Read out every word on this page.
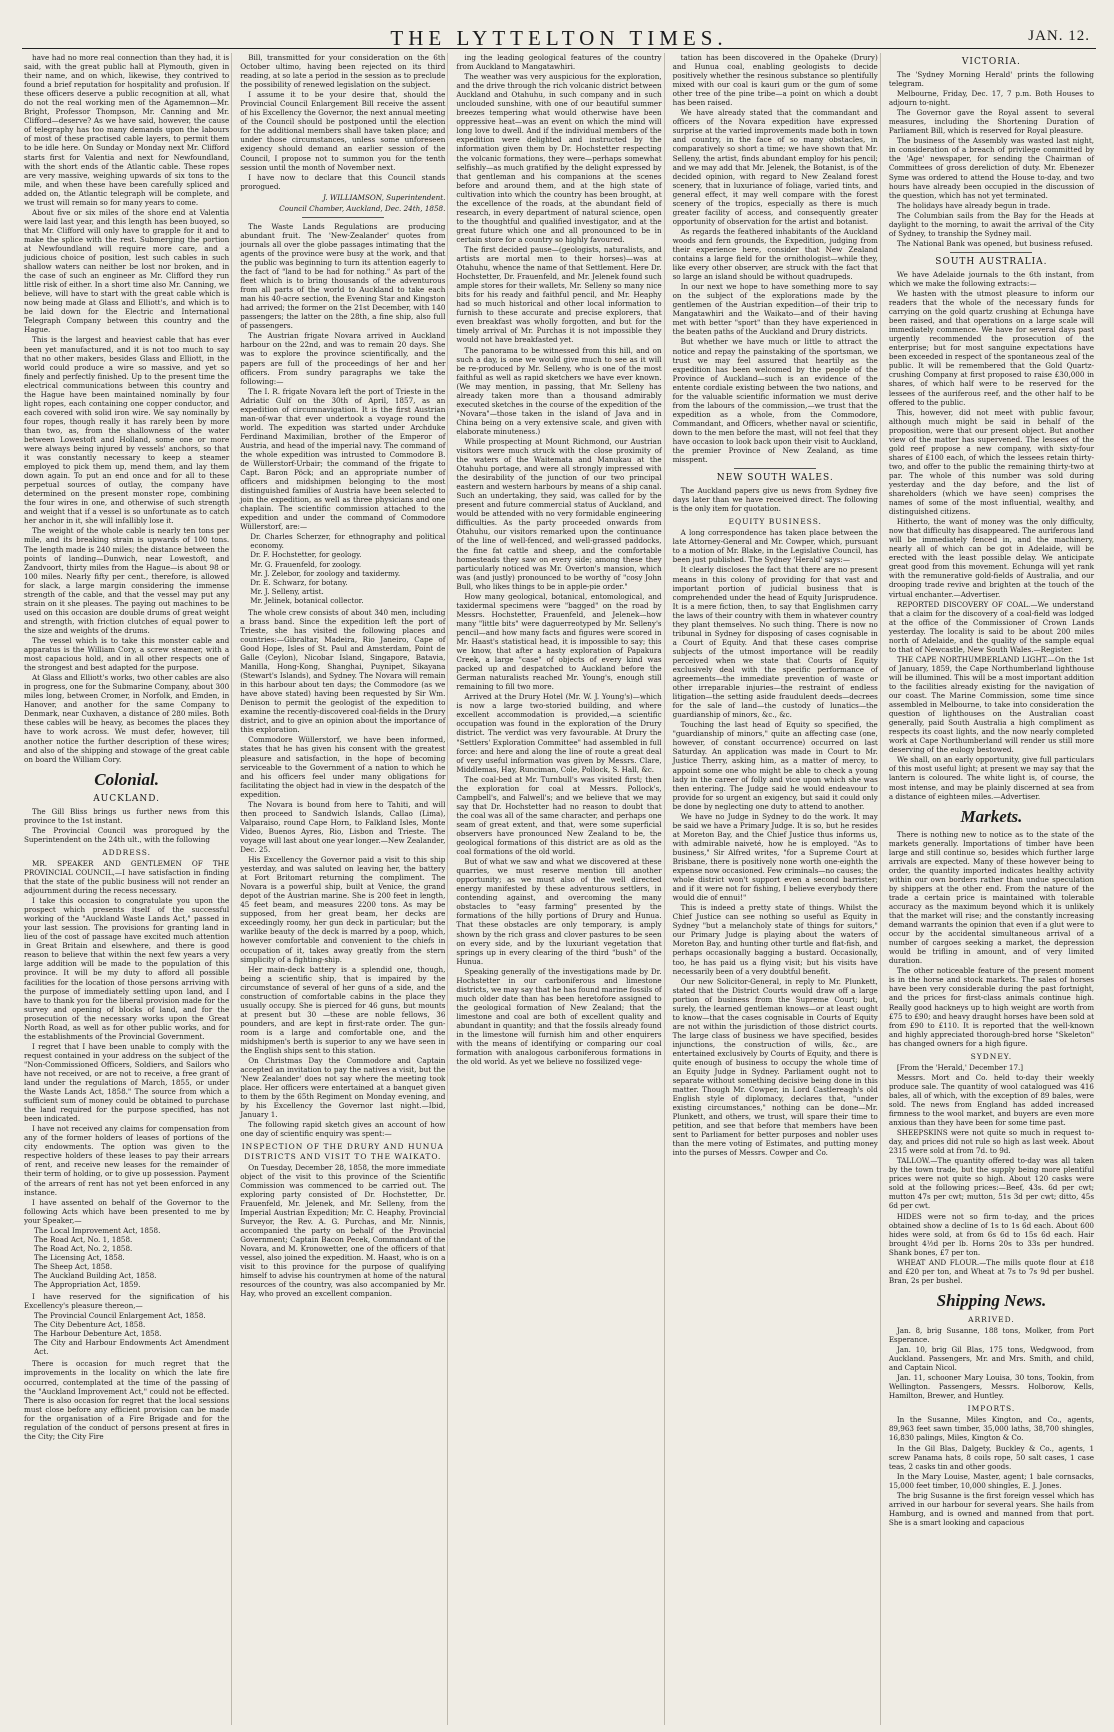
THE LYTTELTON TIMES.	JAN. 12.

have had no more real connection than they had, it is said, with the great public hall at Plymouth, given in their name, and on which, likewise, they contrived to found a brief reputation for hospitality and profusion. If these officers deserve a public recognition at all, what do not the real working men of the Agamemnon—Mr. Bright, Professor Thompson, Mr. Canning and Mr. Clifford—deserve? As we have said, however, the cause of telegraphy has too many demands upon the labours of most of these practised cable layers, to permit them to be idle here. On Sunday or Monday next Mr. Clifford starts first for Valentia and next for Newfoundland, with the short ends of the Atlantic cable. These ropes are very massive, weighing upwards of six tons to the mile, and when these have been carefully spliced and added on, the Atlantic telegraph will be complete, and we trust will remain so for many years to come.

About five or six miles of the shore end at Valentia were laid last year, and this length has been buoyed, so that Mr. Clifford will only have to grapple for it and to make the splice with the rest. Submerging the portion at Newfoundland will require more care, and a judicious choice of position, lest such cables in such shallow waters can neither be lost nor broken, and in the case of such an engineer as Mr. Clifford they run little risk of either. In a short time also Mr. Canning, we believe, will have to start with the great cable which is now being made at Glass and Elliott's, and which is to be laid down for the Electric and International Telegraph Company between this country and the Hague.

This is the largest and heaviest cable that has ever been yet manufactured, and it is not too much to say that no other makers, besides Glass and Elliott, in the world could produce a wire so massive, and yet so finely and perfectly finished. Up to the present time the electrical communications between this country and the Hague have been maintained nominally by four light ropes, each containing one copper conductor, and each covered with solid iron wire. We say nominally by four ropes, though really it has rarely been by more than two, as, from the shallowness of the water between Lowestoft and Holland, some one or more were always being injured by vessels' anchors, so that it was constantly necessary to keep a steamer employed to pick them up, mend them, and lay them down again. To put an end once and for all to these perpetual sources of outlay, the company have determined on the present monster rope, combining the four wires in one, and otherwise of such strength and weight that if a vessel is so unfortunate as to catch her anchor in it, she will infallibly lose it.

The weight of the whole cable is nearly ten tons per mile, and its breaking strain is upwards of 100 tons. The length made is 240 miles; the distance between the points of landing—Dunwich, near Lowestoft, and Zandvoort, thirty miles from the Hague—is about 98 or 100 miles. Nearly fifty per cent., therefore, is allowed for slack, a large margin considering the immense strength of the cable, and that the vessel may put any strain on it she pleases. The paying out machines to be used on this occasion are double drums of great weight and strength, with friction clutches of equal power to the size and weights of the drums.

The vessel which is to take this monster cable and apparatus is the William Cory, a screw steamer, with a most capacious hold, and in all other respects one of the strongest and best adapted for the purpose.

At Glass and Elliott's works, two other cables are also in progress, one for the Submarine Company, about 300 miles long, between Cromer, in Norfolk, and Emden, in Hanover, and another for the same Company to Denmark, near Cuxhaven, a distance of 280 miles. Both these cables will be heavy, as becomes the places they have to work across. We must defer, however, till another notice the further description of these wires; and also of the shipping and stowage of the great cable on board the William Cory.

Colonial.
AUCKLAND.

The Gill Bliss brings us further news from this province to the 1st instant.

The Provincial Council was prorogued by the Superintendent on the 24th ult., with the following

ADDRESS.

MR. SPEAKER AND GENTLEMEN OF THE PROVINCIAL COUNCIL,—I have satisfaction in finding that the state of the public business will not render an adjournment during the recess necessary.

I take this occasion to congratulate you upon the prospect which presents itself of the successful working of the "Auckland Waste Lands Act," passed in your last session. The provisions for granting land in lieu of the cost of passage have excited much attention in Great Britain and elsewhere, and there is good reason to believe that within the next few years a very large addition will be made to the population of this province. It will be my duty to afford all possible facilities for the location of those persons arriving with the purpose of immediately settling upon land, and I have to thank you for the liberal provision made for the survey and opening of blocks of land, and for the prosecution of the necessary works upon the Great North Road, as well as for other public works, and for the establishments of the Provincial Government.

I regret that I have been unable to comply with the request contained in your address on the subject of the "Non-Commissioned Officers, Soldiers, and Sailors who have not received, or are not to receive, a free grant of land under the regulations of March, 1855, or under the Waste Lands Act, 1858." The source from which a sufficient sum of money could be obtained to purchase the land required for the purpose specified, has not been indicated.

I have not received any claims for compensation from any of the former holders of leases of portions of the city endowments. The option was given to the respective holders of these leases to pay their arrears of rent, and receive new leases for the remainder of their term of holding, or to give up possession. Payment of the arrears of rent has not yet been enforced in any instance.

I have assented on behalf of the Governor to the following Acts which have been presented to me by your Speaker,—

The Local Improvement Act, 1858.
The Road Act, No. 1, 1858.
The Road Act, No. 2, 1858.
The Licensing Act, 1858.
The Sheep Act, 1858.
The Auckland Building Act, 1858.
The Appropriation Act, 1859.

I have reserved for the signification of his Excellency's pleasure thereon,—

The Provincial Council Enlargement Act, 1858.
The City Debenture Act, 1858.
The Harbour Debenture Act, 1858.
The City and Harbour Endowments Act Amendment Act.

There is occasion for much regret that the improvements in the locality on which the late fire occurred, contemplated at the time of the passing of the "Auckland Improvement Act," could not be effected. There is also occasion for regret that the local sessions must close before any efficient provision can be made for the organisation of a Fire Brigade and for the regulation of the conduct of persons present at fires in the City; the City Fire

Bill, transmitted for your consideration on the 6th October ultimo, having been rejected on its third reading, at so late a period in the session as to preclude the possibility of renewed legislation on the subject.

I assume it to be your desire that, should the Provincial Council Enlargement Bill receive the assent of his Excellency the Governor, the next annual meeting of the Council should be postponed until the election for the additional members shall have taken place; and under those circumstances, unless some unforeseen exigency should demand an earlier session of the Council, I propose not to summon you for the tenth session until the month of November next.

I have now to declare that this Council stands prorogued.

J. WILLIAMSON, Superintendent.
Council Chamber, Auckland, Dec. 24th, 1858.

The Waste Lands Regulations are producing abundant fruit. The 'New-Zealander' quotes from journals all over the globe passages intimating that the agents of the province were busy at the work, and that the public was beginning to turn its attention eagerly to the fact of "land to be had for nothing." As part of the fleet which is to bring thousands of the adventurous from all parts of the world to Auckland to take each man his 40-acre section, the Evening Star and Kingston had arrived; the former on the 21st December, with 140 passengers; the latter on the 28th, a fine ship, also full of passengers.

The Austrian frigate Novara arrived in Auckland harbour on the 22nd, and was to remain 20 days. She was to explore the province scientifically, and the papers are full of the proceedings of her and her officers. From sundry paragraphs we take the following:—

The I. R. frigate Novara left the port of Trieste in the Adriatic Gulf on the 30th of April, 1857, as an expedition of circumnavigation. It is the first Austrian man-of-war that ever undertook a voyage round the world. The expedition was started under Archduke Ferdinand Maximilian, brother of the Emperor of Austria, and head of the imperial navy. The command of the whole expedition was intrusted to Commodore B. de Wüllerstorf-Urbair; the command of the frigate to Capt. Baron Pöck; and an appropriate number of officers and midshipmen belonging to the most distinguished families of Austria have been selected to join the expedition, as well as three physicians and one chaplain. The scientific commission attached to the expedition and under the command of Commodore Wüllerstorf, are:—

Dr. Charles Scherzer, for ethnography and political economy.
Dr. F. Hochstetter, for geology.
Mr. G. Frauenfeld, for zoology.
Mr. J. Zelebor, for zoology and taxidermy.
Dr. E. Schwarz, for botany.
Mr. J. Selleny, artist.
Mr. Jelinek, botanical collector.

The whole crew consists of about 340 men, including a brass band. Since the expedition left the port of Trieste, she has visited the following places and countries:—Gibraltar, Madeira, Rio Janeiro, Cape of Good Hope, Isles of St. Paul and Amsterdam, Point de Galle (Ceylon), Nicobar Island, Singapore, Batavia, Manilla, Hong-Kong, Shanghai, Puynipet, Sikayana (Stewart's Islands), and Sydney. The Novara will remain in this harbour about ten days; the Commodore (as we have above stated) having been requested by Sir Wm. Denison to permit the geologist of the expedition to examine the recently-discovered coal-fields in the Drury district, and to give an opinion about the importance of this exploration.

Commodore Wüllerstorf, we have been informed, states that he has given his consent with the greatest pleasure and satisfaction, in the hope of becoming serviceable to the Government of a nation to which he and his officers feel under many obligations for facilitating the object had in view in the despatch of the expedition.

The Novara is bound from here to Tahiti, and will then proceed to Sandwich Islands, Callao (Lima), Valparaiso, round Cape Horn, to Falkland Isles, Monte Video, Buenos Ayres, Rio, Lisbon and Trieste. The voyage will last about one year longer.—New Zealander, Dec. 25.

His Excellency the Governor paid a visit to this ship yesterday, and was saluted on leaving her, the battery at Fort Britomart returning the compliment. The Novara is a powerful ship, built at Venice, the grand depot of the Austrian marine. She is 200 feet in length, 45 feet beam, and measures 2200 tons. As may be supposed, from her great beam, her decks are exceedingly roomy, her gun deck in particular; but the warlike beauty of the deck is marred by a poop, which, however comfortable and convenient to the chiefs in occupation of it, takes away greatly from the stern simplicity of a fighting-ship.

Her main-deck battery is a splendid one, though, being a scientific ship, that is impaired by the circumstance of several of her guns of a side, and the construction of comfortable cabins in the place they usually occupy. She is pierced for 46 guns, but mounts at present but 30 —these are noble fellows, 36 pounders, and are kept in first-rate order. The gun-room is a large and comfortable one, and the midshipmen's berth is superior to any we have seen in the English ships sent to this station.

On Christmas Day the Commodore and Captain accepted an invitation to pay the natives a visit, but the 'New Zealander' does not say where the meeting took place. Her officers were entertained at a banquet given to them by the 65th Regiment on Monday evening, and by his Excellency the Governor last night.—Ibid, January 1.

The following rapid sketch gives an account of how one day of scientific enquiry was spent:—

INSPECTION OF THE DRURY AND HUNUA DISTRICTS AND VISIT TO THE WAIKATO.

On Tuesday, December 28, 1858, the more immediate object of the visit to this province of the Scientific Commission was commenced to be carried out. The exploring party consisted of Dr. Hochstetter, Dr. Frauenfeld, Mr. Jelenek, and Mr. Selleny, from the Imperial Austrian Expedition; Mr. C. Heaphy, Provincial Surveyor, the Rev. A. G. Purchas, and Mr. Ninnis, accompanied the party on behalf of the Provincial Government; Captain Bacon Pecek, Commandant of the Novara, and M. Kronowetter, one of the officers of that vessel, also joined the expedition. M. Haast, who is on a visit to this province for the purpose of qualifying himself to advise his countrymen at home of the natural resources of the country, was also accompanied by Mr. Hay, who proved an excellent companion.

ing the leading geological features of the country from Auckland to Mangatawhiri.

The weather was very auspicious for the exploration, and the drive through the rich volcanic district between Auckland and Otahuhu, in such company and in such unclouded sunshine, with one of our beautiful summer breezes tempering what would otherwise have been oppressive heat—was an event on which the mind will long love to dwell. And if the individual members of the expedition were delighted and instructed by the information given them by Dr. Hochstetter respecting the volcanic formations, they were—perhaps somewhat selfishly—as much gratified by the delight expressed by that gentleman and his companions at the scenes before and around them, and at the high state of cultivation into which the country has been brought, at the excellence of the roads, at the abundant field of research, in every department of natural science, open to the thoughtful and qualified investigator, and at the great future which one and all pronounced to be in certain store for a country so highly favoured.

The first decided pause—(geologists, naturalists, and artists are mortal men to their horses)—was at Otahuhu, whence the name of that Settlement. Here Dr. Hochstetter, Dr. Frauenfeld, and Mr. Jelenek found such ample stores for their wallets, Mr. Selleny so many nice bits for his ready and faithful pencil, and Mr. Heaphy had so much historical and other local information to furnish to these accurate and precise explorers, that even breakfast was wholly forgotten, and but for the timely arrival of Mr. Purchas it is not impossible they would not have breakfasted yet.

The panorama to be witnessed from this hill, and on such a day, is one we would give much to see as it will be re-produced by Mr. Selleny, who is one of the most faithful as well as rapid sketchers we have ever known. (We may mention, in passing, that Mr. Selleny has already taken more than a thousand admirably executed sketches in the course of the expedition of the "Novara"—those taken in the island of Java and in China being on a very extensive scale, and given with elaborate minuteness.)

While prospecting at Mount Richmond, our Austrian visitors were much struck with the close proximity of the waters of the Waitemata and Manukau at the Otahuhu portage, and were all strongly impressed with the desirability of the junction of our two principal eastern and western harbours by means of a ship canal. Such an undertaking, they said, was called for by the present and future commercial status of Auckland, and would be attended with no very formidable engineering difficulties. As the party proceeded onwards from Otahuhu, our visitors remarked upon the continuance of the line of well-fenced, and well-grassed paddocks, the fine fat cattle and sheep, and the comfortable homesteads they saw on every side; among these they particularly noticed was Mr. Overton's mansion, which was (and justly) pronounced to be worthy of "cosy John Bull, who likes things to be in apple-pie order."

How many geological, botanical, entomological, and taxidermal specimens were "bagged" on the road by Messrs. Hochstetter, Frauenfeld, and Jelenek—how many "little bits" were daguerreotyped by Mr. Selleny's pencil—and how many facts and figures were scored in Mr. Haast's statistical head, it is impossible to say; this we know, that after a hasty exploration of Papakura Creek, a large "case" of objects of every kind was packed up and despatched to Auckland before the German naturalists reached Mr. Young's, enough still remaining to fill two more.

Arrived at the Drury Hotel (Mr. W. J. Young's)—which is now a large two-storied building, and where excellent accommodation is provided,—a scientific occupation was found in the exploration of the Drury district. The verdict was very favourable. At Drury the "Settlers' Exploration Committee" had assembled in full force: and here and along the line of route a great deal of very useful information was given by Messrs. Clare, Middlemas, Hay, Runciman, Cole, Pollock, S. Hall, &c.

The coal-bed at Mr. Turnbull's was visited first; then the exploration for coal at Messrs. Pollock's, Campbell's, and Falwell's; and we believe that we may say that Dr. Hochstetter had no reason to doubt that the coal was all of the same character, and perhaps one seam of great extent, and that, were some superficial observers have pronounced New Zealand to be, the geological formations of this district are as old as the coal formations of the old world.

But of what we saw and what we discovered at these quarries, we must reserve mention till another opportunity; as we must also of the well directed energy manifested by these adventurous settlers, in contending against, and overcoming the many obstacles to "easy farming" presented by the formations of the hilly portions of Drury and Hunua. That these obstacles are only temporary, is amply shown by the rich grass and clover pastures to be seen on every side, and by the luxuriant vegetation that springs up in every clearing of the third "bush" of the Hunua.

Speaking generally of the investigations made by Dr. Hochstetter in our carboniferous and limestone districts, we may say that he has found marine fossils of much older date than has been heretofore assigned to the geological formation of New Zealand; that the limestone and coal are both of excellent quality and abundant in quantity; and that the fossils already found in the limestone will furnish him and other enquirers with the means of identifying or comparing our coal formation with analogous carboniferous formations in the old world. As yet we believe no fossilized vege-

tation has been discovered in the Opaheke (Drury) and Hunua coal, enabling geologists to decide positively whether the resinous substance so plentifully mixed with our coal is kauri gum or the gum of some other tree of the pine tribe—a point on which a doubt has been raised.

We have already stated that the commandant and officers of the Novara expedition have expressed surprise at the varied improvements made both in town and country, in the face of so many obstacles, in comparatively so short a time; we have shown that Mr. Selleny, the artist, finds abundant employ for his pencil; and we may add that Mr. Jelenek, the Botanist, is of the decided opinion, with regard to New Zealand forest scenery, that in luxuriance of foliage, varied tints, and general effect, it may well compare with the forest scenery of the tropics, especially as there is much greater facility of access, and consequently greater opportunity of observation for the artist and botanist.

As regards the feathered inhabitants of the Auckland woods and fern grounds, the Expedition, judging from their experience here, consider that New Zealand contains a large field for the ornithologist—while they, like every other observer, are struck with the fact that so large an island should be without quadrupeds.

In our next we hope to have something more to say on the subject of the explorations made by the gentlemen of the Austrian expedition—of their trip to Mangatawhiri and the Waikato—and of their having met with better "sport" than they have experienced in the beaten paths of the Auckland and Drury districts.

But whether we have much or little to attract the notice and repay the painstaking of the sportsman, we trust we may feel assured that heartily as the expedition has been welcomed by the people of the Province of Auckland—such is an evidence of the entente cordiale existing between the two nations, and for the valuable scientific information we must derive from the labours of the commission,—we trust that the expedition as a whole, from the Commodore, Commandant, and Officers, whether naval or scientific, down to the men before the mast, will not feel that they have occasion to look back upon their visit to Auckland, the premier Province of New Zealand, as time misspent.

NEW SOUTH WALES.

The Auckland papers give us news from Sydney five days later than we have received direct. The following is the only item for quotation.

EQUITY BUSINESS.

A long correspondence has taken place between the late Attorney-General and Mr. Cowper, which, pursuant to a motion of Mr. Blake, in the Legislative Council, has been just published. The Sydney 'Herald' says:—

It clearly discloses the fact that there are no present means in this colony of providing for that vast and important portion of judicial business that is comprehended under the head of Equity Jurisprudence. It is a mere fiction, then, to say that Englishmen carry the laws of their country with them in whatever country they plant themselves. No such thing. There is now no tribunal in Sydney for disposing of cases cognisable in a Court of Equity. And that these cases comprise subjects of the utmost importance will be readily perceived when we state that Courts of Equity exclusively deal with the specific performance of agreements—the immediate prevention of waste or other irreparable injuries—the restraint of endless litigation—the setting aside fraudulent deeds—decrees for the sale of land—the custody of lunatics—the guardianship of minors, &c., &c.

Touching the last head of Equity so specified, the "guardianship of minors," quite an affecting case (one, however, of constant occurrence) occurred on last Saturday. An application was made in Court to Mr. Justice Therry, asking him, as a matter of mercy, to appoint some one who might be able to check a young lady in the career of folly and vice upon which she was then entering. The Judge said he would endeavour to provide for so urgent an exigency, but said it could only be done by neglecting one duty to attend to another.

We have no Judge in Sydney to do the work. It may be said we have a Primary Judge. It is so, but he resides at Moreton Bay, and the Chief Justice thus informs us, with admirable naiveté, how he is employed. "As to business," Sir Alfred writes, "for a Supreme Court at Brisbane, there is positively none worth one-eighth the expense now occasioned. Few criminals—no causes; the whole district won't support even a second barrister; and if it were not for fishing, I believe everybody there would die of ennui!"

This is indeed a pretty state of things. Whilst the Chief Justice can see nothing so useful as Equity in Sydney "but a melancholy state of things for suitors," our Primary Judge is playing about the waters of Moreton Bay, and hunting other turtle and flat-fish, and perhaps occasionally bagging a bustard. Occasionally, too, he has paid us a flying visit; but his visits have necessarily been of a very doubtful benefit.

Our new Solicitor-General, in reply to Mr. Plunkett, stated that the District Courts would draw off a large portion of business from the Supreme Court; but, surely, the learned gentleman knows—or at least ought to know—that the cases cognisable in Courts of Equity are not within the jurisdiction of those district courts. The large class of business we have specified, besides injunctions, the construction of wills, &c., are entertained exclusively by Courts of Equity, and there is quite enough of business to occupy the whole time of an Equity Judge in Sydney. Parliament ought not to separate without something decisive being done in this matter. Though Mr. Cowper, in Lord Castlereagh's old English style of diplomacy, declares that, "under existing circumstances," nothing can be done—Mr. Plunkett, and others, we trust, will spare their time to petition, and see that before that members have been sent to Parliament for better purposes and nobler uses than the mere voting of Estimates, and putting money into the purses of Messrs. Cowper and Co.

VICTORIA.

The 'Sydney Morning Herald' prints the following telegram.

Melbourne, Friday, Dec. 17, 7 p.m. Both Houses to adjourn to-night.

The Governor gave the Royal assent to several measures, including the Shortening Duration of Parliament Bill, which is reserved for Royal pleasure.

The business of the Assembly was wasted last night, in consideration of a breach of privilege committed by the 'Age' newspaper, for sending the Chairman of Committees of gross dereliction of duty. Mr. Ebenezer Syme was ordered to attend the House to-day, and two hours have already been occupied in the discussion of the question, which has not yet terminated.

The holidays have already begun in trade.

The Columbian sails from the Bay for the Heads at daylight to the morning, to await the arrival of the City of Sydney, to tranship the Sydney mail.

The National Bank was opened, but business refused.

SOUTH AUSTRALIA.

We have Adelaide journals to the 6th instant, from which we make the following extracts:—

We hasten with the utmost pleasure to inform our readers that the whole of the necessary funds for carrying on the gold quartz crushing at Echunga have been raised, and that operations on a large scale will immediately commence. We have for several days past urgently recommended the prosecution of the enterprise; but for most sanguine expectations have been exceeded in respect of the spontaneous zeal of the public. It will be remembered that the Gold Quartz-crushing Company at first proposed to raise £30,000 in shares, of which half were to be reserved for the lessees of the auriferous reef, and the other half to be offered to the public.

This, however, did not meet with public favour, although much might be said in behalf of the proposition, were that our present object. But another view of the matter has supervened. The lessees of the gold reef propose a new company, with sixty-four shares of £100 each, of which the lessees retain thirty-two, and offer to the public the remaining thirty-two at par. The whole of this number was sold during yesterday and the day before, and the list of shareholders (which we have seen) comprises the names of some of the most influential, wealthy, and distinguished citizens.

Hitherto, the want of money was the only difficulty, now that difficulty has disappeared. The auriferous land will be immediately fenced in, and the machinery, nearly all of which can be got in Adelaide, will be erected with the least possible delay. We anticipate great good from this movement. Echunga will yet rank with the remunerative gold-fields of Australia, and our drooping trade revive and brighten at the touch of the virtual enchanter.—Advertiser.

REPORTED DISCOVERY OF COAL.—We understand that a claim for the discovery of a coal-field was lodged at the office of the Commissioner of Crown Lands yesterday. The locality is said to be about 200 miles north of Adelaide, and the quality of the sample equal to that of Newcastle, New South Wales.—Register.

THE CAPE NORTHUMBERLAND LIGHT.—On the 1st of January, 1859, the Cape Northumberland lighthouse will be illumined. This will be a most important addition to the facilities already existing for the navigation of our coast. The Marine Commission, some time since assembled in Melbourne, to take into consideration the question of lighthouses on the Australian coast generally, paid South Australia a high compliment as respects its coast lights, and the now nearly completed work at Cape Northumberland will render us still more deserving of the eulogy bestowed.

We shall, on an early opportunity, give full particulars of this most useful light; at present we may say that the lantern is coloured. The white light is, of course, the most intense, and may be plainly discerned at sea from a distance of eighteen miles.—Advertiser.

Markets.

There is nothing new to notice as to the state of the markets generally. Importations of timber have been large and still continue so, besides which further large arrivals are expected. Many of these however being to order, the quantity imported indicates healthy activity within our own borders rather than undue speculation by shippers at the other end. From the nature of the trade a certain price is maintained with tolerable accuracy as the maximum beyond which it is unlikely that the market will rise; and the constantly increasing demand warrants the opinion that even if a glut were to occur by the accidental simultaneous arrival of a number of cargoes seeking a market, the depression would be trifling in amount, and of very limited duration.

The other noticeable feature of the present moment is in the horse and stock markets. The sales of horses have been very considerable during the past fortnight, and the prices for first-class animals continue high. Really good hackneys up to high weight are worth from £75 to £90; and heavy draught horses have been sold at from £90 to £110. It is reported that the well-known and highly appreciated thorough-bred horse "Skeleton" has changed owners for a high figure.

SYDNEY.

[From the 'Herald,' December 17.]

Messrs. Mort and Co. held to-day their weekly produce sale. The quantity of wool catalogued was 416 bales, all of which, with the exception of 89 bales, were sold. The news from England has added increased firmness to the wool market, and buyers are even more anxious than they have been for some time past.

SHEEPSKINS were not quite so much in request to-day, and prices did not rule so high as last week. About 2315 were sold at from 7d. to 9d.

TALLOW.—The quantity offered to-day was all taken by the town trade, but the supply being more plentiful prices were not quite so high. About 120 casks were sold at the following prices:—Beef, 43s. 6d per cwt; mutton 47s per cwt; mutton, 51s 3d per cwt; ditto, 45s 6d per cwt.

HIDES were not so firm to-day, and the prices obtained show a decline of 1s to 1s 6d each. About 600 hides were sold, at from 6s 6d to 15s 6d each. Hair brought 4½d per lb. Horns 20s to 33s per hundred. Shank bones, £7 per ton.

WHEAT AND FLOUR.—The mills quote flour at £18 and £20 per ton, and Wheat at 7s to 7s 9d per bushel. Bran, 2s per bushel.

Shipping News.
ARRIVED.

Jan. 8, brig Susanne, 188 tons, Molker, from Port Esperance.

Jan. 10, brig Gil Blas, 175 tons, Wedgwood, from Auckland. Passengers, Mr. and Mrs. Smith, and child, and Captain Nicol.

Jan. 11, schooner Mary Louisa, 30 tons, Tookin, from Wellington. Passengers, Messrs. Holborow, Kells, Hamilton, Brewer, and Huntley.

IMPORTS.

In the Susanne, Miles Kington, and Co., agents, 89,963 feet sawn timber, 35,000 laths, 38,700 shingles, 16,830 palings, Miles, Kington & Co.

In the Gil Blas, Dalgety, Buckley & Co., agents, 1 screw Panama hats, 8 coils rope, 50 salt cases, 1 case teas, 2 casks tin and other goods.

In the Mary Louise, Master, agent; 1 bale cornsacks, 15,000 feet timber, 10,000 shingles, E. J. Jones.

The brig Susanne is the first foreign vessel which has arrived in our harbour for several years. She hails from Hamburg, and is owned and manned from that port. She is a smart looking and capacious
